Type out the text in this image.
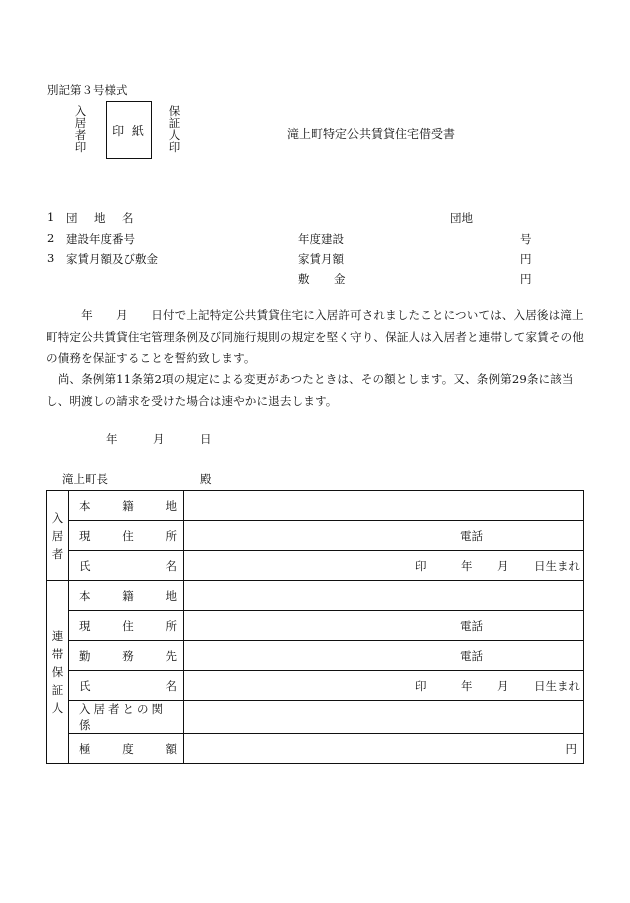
別記第３号様式
入居者印
印 紙
保証人印
滝上町特定公共賃貸住宅借受書
1 団 地 名	団地
2 建設年度番号	年度建設	号
3 家賃月額及び敷金	家賃月額	円
敷 金	円
　　　年　　月　　日付で上記特定公共賃貸住宅に入居許可されましたことについては、入居後は滝上町特定公共賃貸住宅管理条例及び同施行規則の規定を堅く守り、保証人は入居者と連帯して家賃その他の債務を保証することを誓約致します。
　尚、条例第11条第2項の規定による変更があつたときは、その額とします。又、条例第29条に該当し、明渡しの請求を受けた場合は速やかに退去します。
年	月	日
滝上町長	殿
入居者	本 籍 地	

	現 住 所	電話

	氏 名	印 年 月 日生まれ

連帯保証人	本 籍 地	

	現 住 所	電話

	勤 務 先	電話

	氏 名	印 年 月 日生まれ

入居者との関係	

	極 度 額	円
